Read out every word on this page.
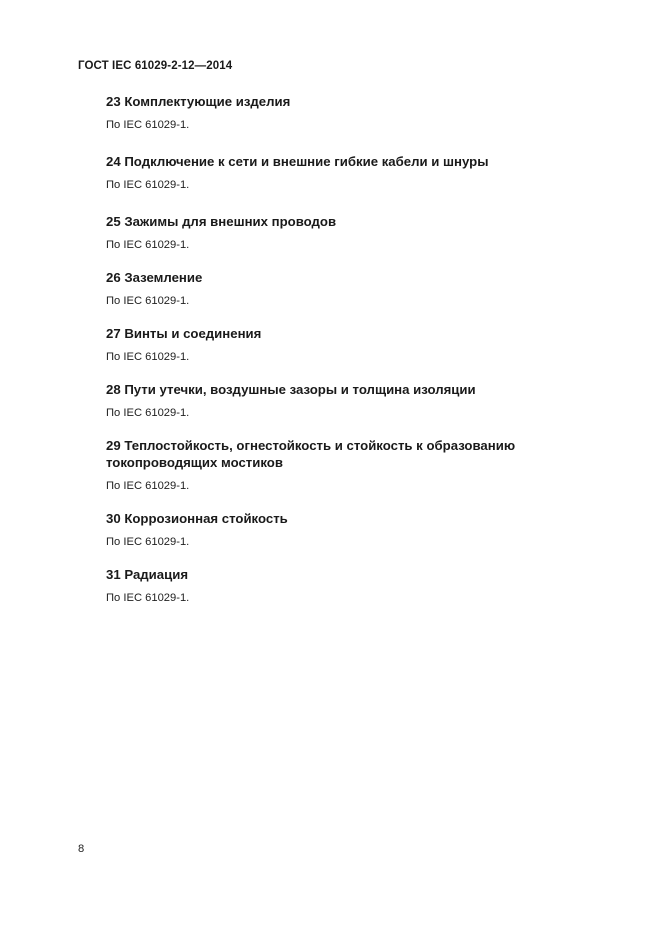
ГОСТ IEC 61029-2-12—2014
23 Комплектующие изделия
По IEC 61029-1.
24 Подключение к сети и внешние гибкие кабели и шнуры
По IEC 61029-1.
25 Зажимы для внешних проводов
По IEC 61029-1.
26 Заземление
По IEC 61029-1.
27 Винты и соединения
По IEC 61029-1.
28 Пути утечки, воздушные зазоры и толщина изоляции
По IEC 61029-1.
29 Теплостойкость, огнестойкость и стойкость к образованию
токопроводящих мостиков
По IEC 61029-1.
30 Коррозионная стойкость
По IEC 61029-1.
31 Радиация
По IEC 61029-1.
8
